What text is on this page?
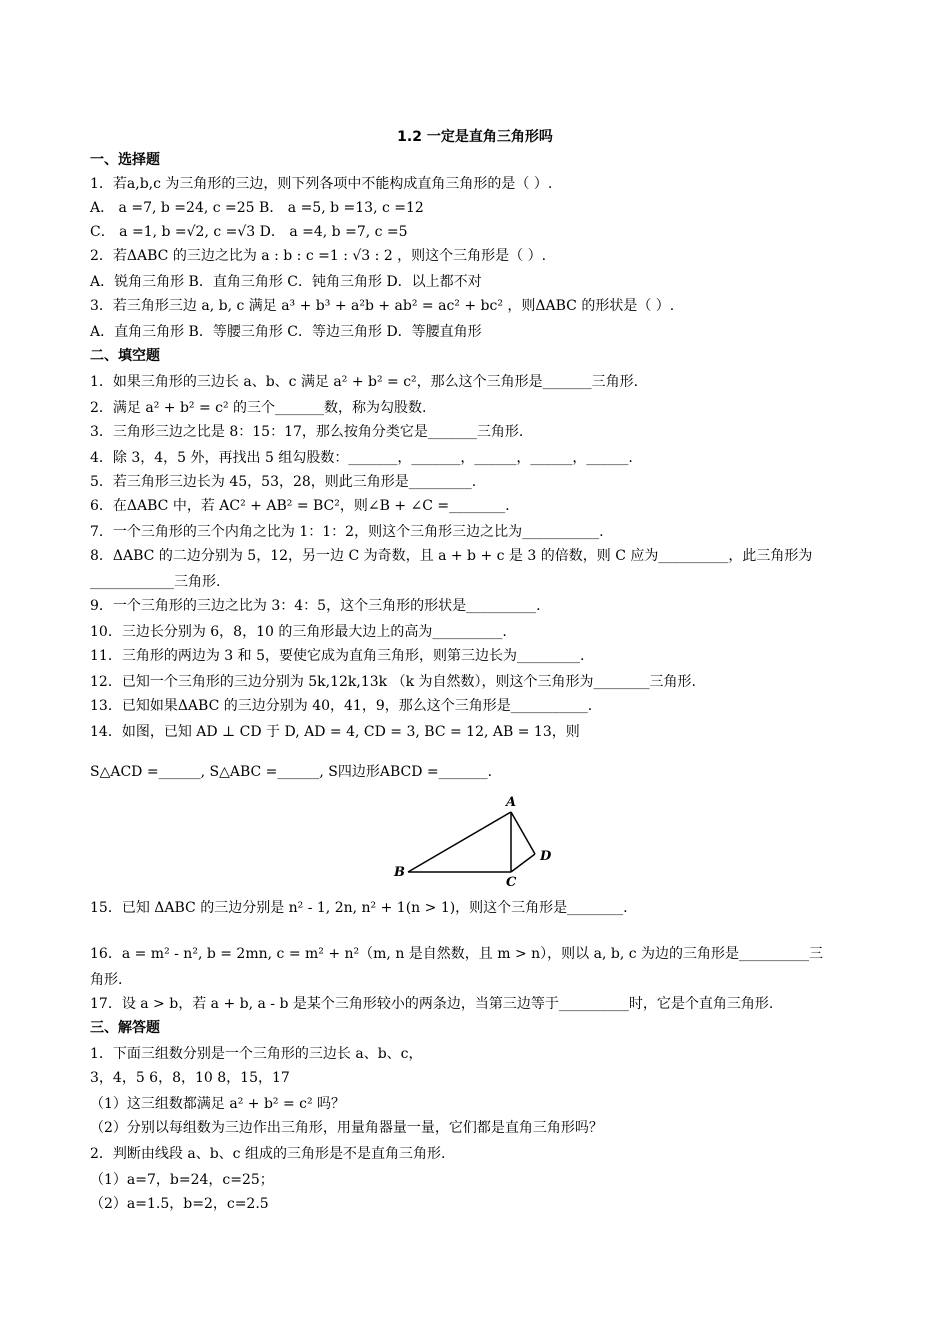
1.2 一定是直角三角形吗
一、选择题
1．若a,b,c 为三角形的三边，则下列各项中不能构成直角三角形的是（ ）.
A． a =7, b =24, c =25 B． a =5, b =13, c =12
C． a =1, b =√2, c =√3 D． a =4, b =7, c =5
2．若ΔABC 的三边之比为 a : b : c =1 : √3 : 2 ，则这个三角形是（ ）.
A．锐角三角形 B．直角三角形 C．钝角三角形 D．以上都不对
3．若三角形三边 a, b, c 满足 a³ + b³ + a²b + ab² = ac² + bc² ，则ΔABC 的形状是（ ）.
A．直角三角形 B．等腰三角形 C．等边三角形 D．等腰直角形
二、填空题
1．如果三角形的三边长 a、b、c 满足 a² + b² = c²，那么这个三角形是_______三角形.
2．满足 a² + b² = c² 的三个_______数，称为勾股数.
3．三角形三边之比是 8：15：17，那么按角分类它是_______三角形.
4．除 3，4，5 外，再找出 5 组勾股数：_______，_______，______，______，______.
5．若三角形三边长为 45，53，28，则此三角形是_________.
6．在ΔABC 中，若 AC² + AB² = BC²，则∠B + ∠C =________.
7．一个三角形的三个内角之比为 1：1：2，则这个三角形三边之比为___________.
8．ΔABC 的二边分别为 5，12，另一边 C 为奇数，且 a + b + c 是 3 的倍数，则 C 应为__________，此三角形为
____________三角形.
9．一个三角形的三边之比为 3：4：5，这个三角形的形状是__________.
10．三边长分别为 6，8，10 的三角形最大边上的高为__________.
11．三角形的两边为 3 和 5，要使它成为直角三角形，则第三边长为_________.
12．已知一个三角形的三边分别为 5k,12k,13k （k 为自然数），则这个三角形为________三角形.
13．已知如果ΔABC 的三边分别为 40，41，9，那么这个三角形是___________.
14．如图，已知 AD ⊥ CD 于 D, AD = 4, CD = 3, BC = 12, AB = 13，则
S△ACD =______, S△ABC =______, S四边形ABCD =_______.
15．已知 ΔABC 的三边分别是 n² - 1, 2n, n² + 1(n > 1)，则这个三角形是________.
16．a = m² - n², b = 2mn, c = m² + n²（m, n 是自然数，且 m > n），则以 a, b, c 为边的三角形是__________三
角形.
17．设 a > b，若 a + b, a - b 是某个三角形较小的两条边，当第三边等于__________时，它是个直角三角形.
三、解答题
1．下面三组数分别是一个三角形的三边长 a、b、c，
3，4，5 6，8，10 8，15，17
（1）这三组数都满足 a² + b² = c² 吗？
（2）分别以每组数为三边作出三角形，用量角器量一量，它们都是直角三角形吗？
2．判断由线段 a、b、c 组成的三角形是不是直角三角形.
（1）a=7，b=24，c=25；
（2）a=1.5，b=2，c=2.5
A
B
C
D
